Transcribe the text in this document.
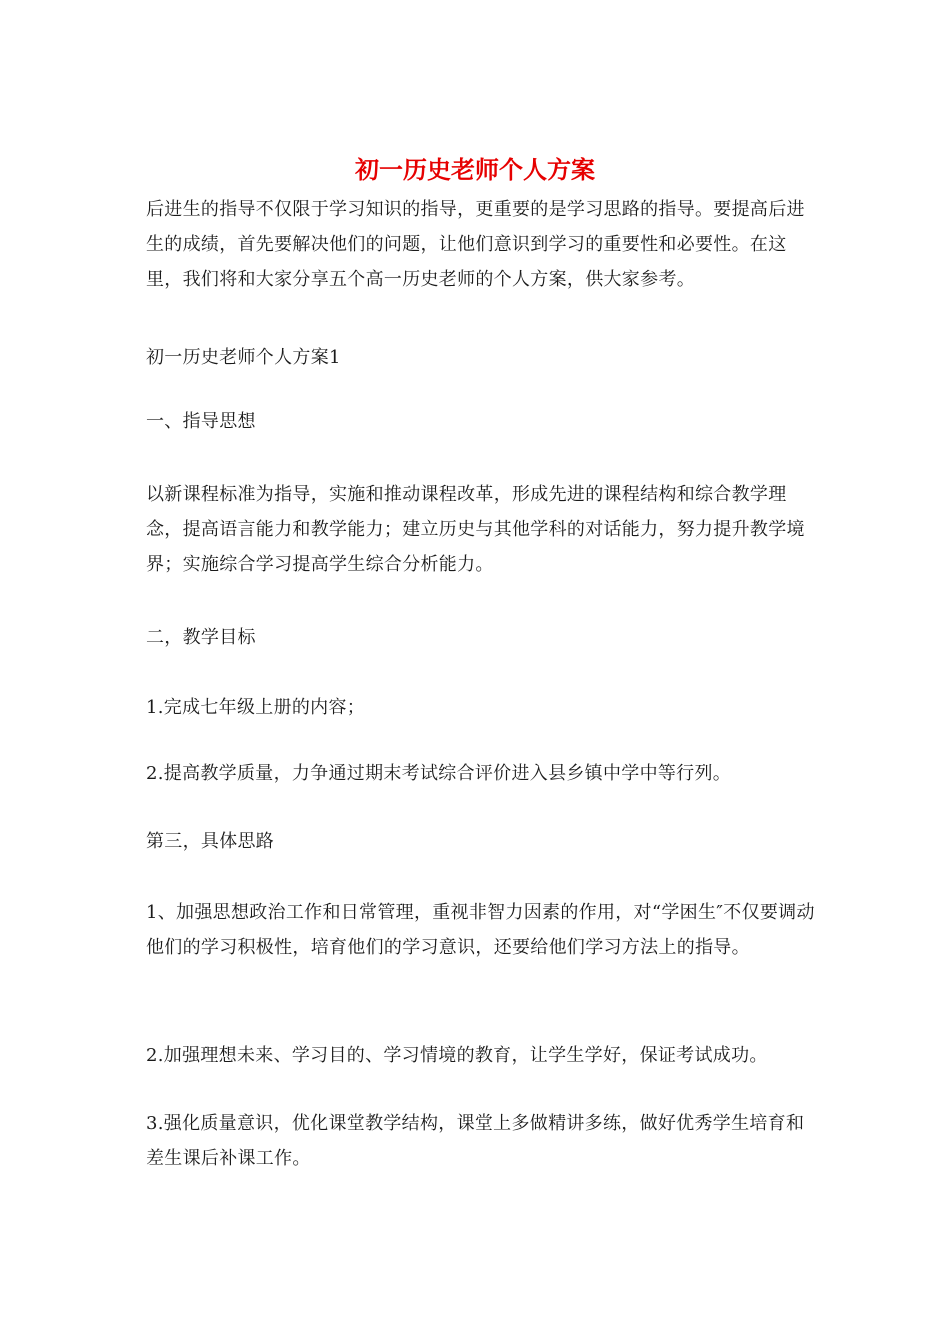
初一历史老师个人方案

后进生的指导不仅限于学习知识的指导，更重要的是学习思路的指导。要提高后进生的成绩，首先要解决他们的问题，让他们意识到学习的重要性和必要性。在这里，我们将和大家分享五个高一历史老师的个人方案，供大家参考。

初一历史老师个人方案1

一、指导思想

以新课程标准为指导，实施和推动课程改革，形成先进的课程结构和综合教学理念，提高语言能力和教学能力；建立历史与其他学科的对话能力，努力提升教学境界；实施综合学习提高学生综合分析能力。

二，教学目标

1.完成七年级上册的内容；

2.提高教学质量，力争通过期末考试综合评价进入县乡镇中学中等行列。

第三，具体思路

1、加强思想政治工作和日常管理，重视非智力因素的作用，对“学困生″不仅要调动他们的学习积极性，培育他们的学习意识，还要给他们学习方法上的指导。

2.加强理想未来、学习目的、学习情境的教育，让学生学好，保证考试成功。

3.强化质量意识，优化课堂教学结构，课堂上多做精讲多练，做好优秀学生培育和差生课后补课工作。
